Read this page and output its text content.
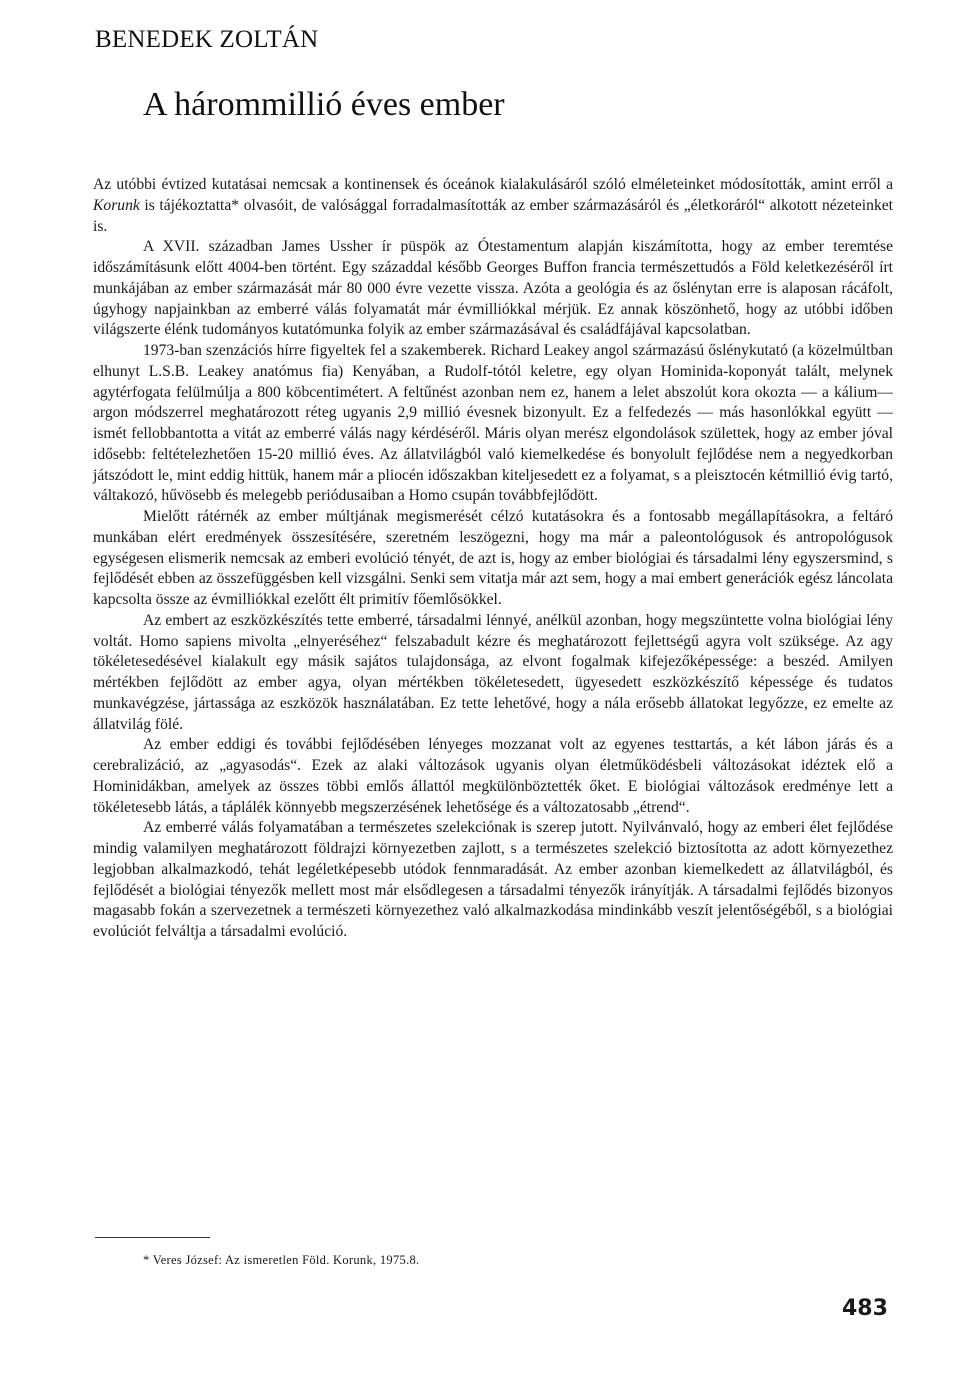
BENEDEK ZOLTÁN
A hárommillió éves ember

Az utóbbi évtized kutatásai nemcsak a kontinensek és óceánok kialakulásáról szóló elméleteinket módosították, amint erről a Korunk is tájékoztatta* olvasóit, de valósággal forradalmasították az ember származásáról és „életkoráról“ alkotott nézeteinket is.

A XVII. században James Ussher ír püspök az Ótestamentum alapján kiszámította, hogy az ember teremtése időszámításunk előtt 4004-ben történt. Egy századdal később Georges Buffon francia természettudós a Föld keletkezéséről írt munkájában az ember származását már 80 000 évre vezette vissza. Azóta a geológia és az őslénytan erre is alaposan rácáfolt, úgyhogy napjainkban az emberré válás folyamatát már évmilliókkal mérjük. Ez annak köszönhető, hogy az utóbbi időben világszerte élénk tudományos kutatómunka folyik az ember származásával és családfájával kapcsolatban.

1973-ban szenzációs hírre figyeltek fel a szakemberek. Richard Leakey angol származású őslénykutató (a közelmúltban elhunyt L.S.B. Leakey anatómus fia) Kenyában, a Rudolf-tótól keletre, egy olyan Hominida-koponyát talált, melynek agytérfogata felülmúlja a 800 köbcentimétert. A feltűnést azonban nem ez, hanem a lelet abszolút kora okozta — a kálium—argon módszerrel meghatározott réteg ugyanis 2,9 millió évesnek bizonyult. Ez a felfedezés — más hasonlókkal együtt — ismét fellobbantotta a vitát az emberré válás nagy kérdéséről. Máris olyan merész elgondolások születtek, hogy az ember jóval idősebb: feltételezhetően 15-20 millió éves. Az állatvilágból való kiemelkedése és bonyolult fejlődése nem a negyedkorban játszódott le, mint eddig hittük, hanem már a pliocén időszakban kiteljesedett ez a folyamat, s a pleisztocén kétmillió évig tartó, váltakozó, hűvösebb és melegebb periódusaiban a Homo csupán továbbfejlődött.

Mielőtt rátérnék az ember múltjának megismerését célzó kutatásokra és a fontosabb megállapításokra, a feltáró munkában elért eredmények összesítésére, szeretném leszögezni, hogy ma már a paleontológusok és antropológusok egységesen elismerik nemcsak az emberi evolúció tényét, de azt is, hogy az ember biológiai és társadalmi lény egyszersmind, s fejlődését ebben az összefüggésben kell vizsgálni. Senki sem vitatja már azt sem, hogy a mai embert generációk egész láncolata kapcsolta össze az évmilliókkal ezelőtt élt primitív főemlősökkel.

Az embert az eszközkészítés tette emberré, társadalmi lénnyé, anélkül azonban, hogy megszüntette volna biológiai lény voltát. Homo sapiens mivolta „elnyeréséhez“ felszabadult kézre és meghatározott fejlettségű agyra volt szüksége. Az agy tökéletesedésével kialakult egy másik sajátos tulajdonsága, az elvont fogalmak kifejezőképessége: a beszéd. Amilyen mértékben fejlődött az ember agya, olyan mértékben tökéletesedett, ügyesedett eszközkészítő képessége és tudatos munkavégzése, jártassága az eszközök használatában. Ez tette lehetővé, hogy a nála erősebb állatokat legyőzze, ez emelte az állatvilág fölé.

Az ember eddigi és további fejlődésében lényeges mozzanat volt az egyenes testtartás, a két lábon járás és a cerebralizáció, az „agyasodás“. Ezek az alaki változások ugyanis olyan életműködésbeli változásokat idéztek elő a Hominidákban, amelyek az összes többi emlős állattól megkülönböztették őket. E biológiai változások eredménye lett a tökéletesebb látás, a táplálék könnyebb megszerzésének lehetősége és a változatosabb „étrend“.

Az emberré válás folyamatában a természetes szelekciónak is szerep jutott. Nyilvánvaló, hogy az emberi élet fejlődése mindig valamilyen meghatározott földrajzi környezetben zajlott, s a természetes szelekció biztosította az adott környezethez legjobban alkalmazkodó, tehát legéletképesebb utódok fennmaradását. Az ember azonban kiemelkedett az állatvilágból, és fejlődését a biológiai tényezők mellett most már elsődlegesen a társadalmi tényezők irányítják. A társadalmi fejlődés bizonyos magasabb fokán a szervezetnek a természeti környezethez való alkalmazkodása mindinkább veszít jelentőségéből, s a biológiai evolúciót felváltja a társadalmi evolúció.

* Veres József: Az ismeretlen Föld. Korunk, 1975.8.
483
